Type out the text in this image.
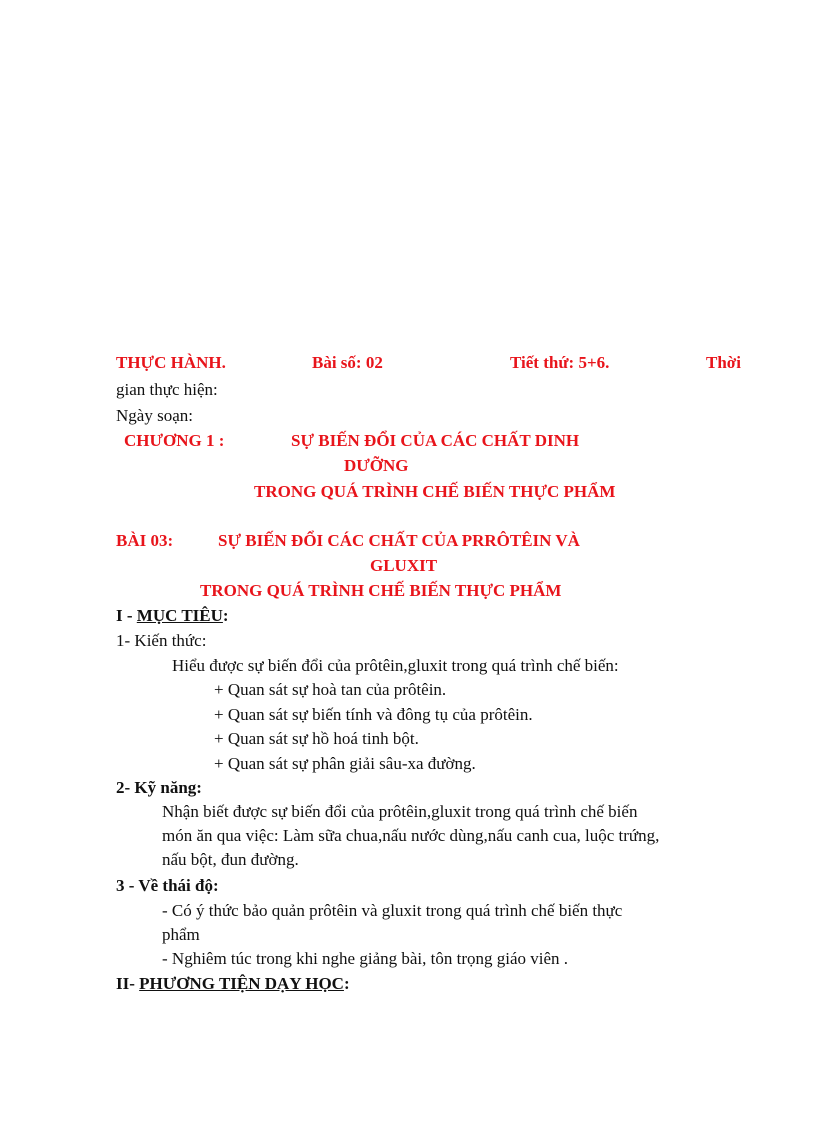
THỰC HÀNH.	Bài số: 02	Tiết thứ: 5+6.	Thời
gian thực hiện:
Ngày soạn:
CHƯƠNG 1 :	SỰ BIẾN ĐỔI CỦA CÁC CHẤT DINH
DƯỠNG
TRONG QUÁ TRÌNH CHẾ BIẾN THỰC PHẨM
BÀI 03:	SỰ BIẾN ĐỔI CÁC CHẤT CỦA PRRÔTÊIN VÀ
GLUXIT
TRONG QUÁ TRÌNH CHẾ BIẾN THỰC PHẨM
I - MỤC TIÊU:
1- Kiến thức:
Hiểu được sự biến đổi của prôtêin,gluxit trong quá trình chế biến:
+ Quan sát sự hoà tan của prôtêin.
+ Quan sát sự biến tính và đông tụ của prôtêin.
+ Quan sát sự hồ hoá tinh bột.
+ Quan sát sự phân giải sâu-xa đường.
2- Kỹ năng:
Nhận biết được sự biến đổi của prôtêin,gluxit trong quá trình chế biến
món ăn qua việc: Làm sữa chua,nấu nước dùng,nấu canh cua, luộc trứng,
nấu bột, đun đường.
3 - Về thái độ:
- Có ý thức bảo quản prôtêin và gluxit trong quá trình chế biến thực
phẩm
- Nghiêm túc trong khi nghe giảng bài, tôn trọng giáo viên .
II- PHƯƠNG TIỆN DẠY HỌC:
